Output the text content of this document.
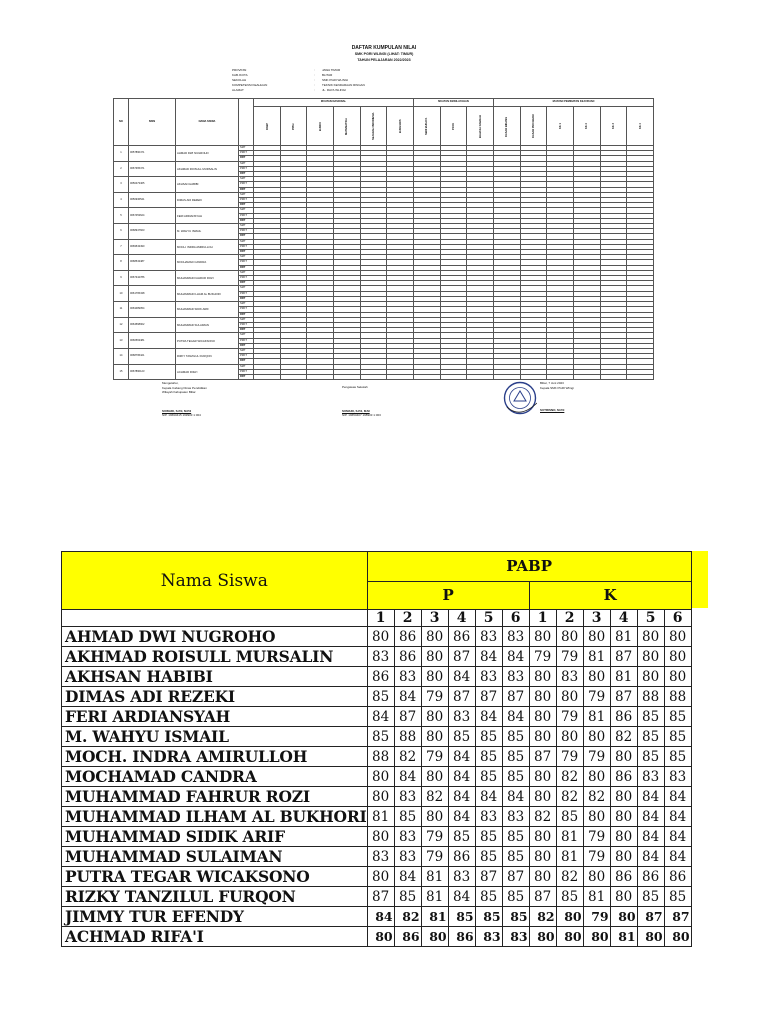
DAFTAR KUMPULAN NILAI
SMK PGRI WLINGI (LIHAT: TIMUR)
TAHUN PELAJARAN 2022/2023
PROVINSI	:	JAWA TIMUR
KAB./KOTA	:	BLITAR
SEKOLAH	:	SMK PGRI WLINGI
KOMPETENSI KEAHLIAN	:	TEKNIK KENDARAAN RINGAN
ALAMAT	:	JL. RAYA WLINGI
NO	NISN	NAMA SISWA		MUATAN NASIONAL						MUATAN KEWILAYAHAN			MUATAN PEMINATAN KEJURUAN					
				PABP	PPKn	B.INDO	MATEMATIKA	SEJARAH INDONESIA	B.INGGRIS	SENI BUDAYA	PJOK	BAHASA DAERAH	DASAR BIDANG	DASAR PROGRAM	KK 1	KK 2	KK 3	KK 4
1	0057890471	AHMAD DWI NUGROHO	SMT															
			PRKT															
			RRT															
2	0067365471	AKHMAD ROISULL MURSALIN	SMT															
			PRKT															
			RRT															
3	0050473465	AKHSAN HABIBI	SMT															
			PRKT															
			RRT															
4	0050936541	DIMAS ADI REZEKI	SMT															
			PRKT															
			RRT															
5	0067453624	FERI ARDIANSYAH	SMT															
			PRKT															
			RRT															
6	0068947663	M. WAHYU ISMAIL	SMT															
			PRKT															
			RRT															
7	0069543490	MOCH. INDRA AMIRULLOH	SMT															
			PRKT															
			RRT															
8	0068543487	MOCHAMAD CANDRA	SMT															
			PRKT															
			RRT															
9	0067342786	MUHAMMAD FAHRUR ROZI	SMT															
			PRKT															
			RRT															
10	0061765438	MUHAMMAD ILHAM AL BUKHORI	SMT															
			PRKT															
			RRT															
11	0063489054	MUHAMMAD SIDIK ARIF	SMT															
			PRKT															
			RRT															
12	0064568902	MUHAMMAD SULAIMAN	SMT															
			PRKT															
			RRT															
13	0060563481	PUTRA TEGAR WICAKSONO	SMT															
			PRKT															
			RRT															
14	0068795421	RIZKY TANZILUL FURQON	SMT															
			PRKT															
			RRT															
15	0067890123	ACHMAD RIFA'I	SMT															
			PRKT															
			RRT															
Mengetahui,
Kepala Cabang Dinas Pendidikan
Wilayah Kabupaten Blitar
SUWADI, S.Pd, M.Pd
NIP. 19690415 199903 1 004
Pengawas Sekolah
SUMADI, S.Pd, M.M
NIP. 19650407 198903 1 003
Blitar, 7 Juni 2023
Kepala SMK PGRI Wlingi
SUTRISNO, M.Pd
Nama Siswa	PABP											
	P						K					
	1	2	3	4	5	6	1	2	3	4	5	6
AHMAD DWI NUGROHO	80	86	80	86	83	83	80	80	80	81	80	80
AKHMAD ROISULL MURSALIN	83	86	80	87	84	84	79	79	81	87	80	80
AKHSAN HABIBI	86	83	80	84	83	83	80	83	80	81	80	80
DIMAS ADI REZEKI	85	84	79	87	87	87	80	80	79	87	88	88
FERI ARDIANSYAH	84	87	80	83	84	84	80	79	81	86	85	85
M. WAHYU ISMAIL	85	88	80	85	85	85	80	80	80	82	85	85
MOCH. INDRA AMIRULLOH	88	82	79	84	85	85	87	79	79	80	85	85
MOCHAMAD CANDRA	80	84	80	84	85	85	80	82	80	86	83	83
MUHAMMAD FAHRUR ROZI	80	83	82	84	84	84	80	82	82	80	84	84
MUHAMMAD ILHAM AL BUKHORI	81	85	80	84	83	83	82	85	80	80	84	84
MUHAMMAD SIDIK ARIF	80	83	79	85	85	85	80	81	79	80	84	84
MUHAMMAD SULAIMAN	83	83	79	86	85	85	80	81	79	80	84	84
PUTRA TEGAR WICAKSONO	80	84	81	83	87	87	80	82	80	86	86	86
RIZKY TANZILUL FURQON	87	85	81	84	85	85	87	85	81	80	85	85
JIMMY TUR EFENDY	84	82	81	85	85	85	82	80	79	80	87	87
ACHMAD RIFA'I	80	86	80	86	83	83	80	80	80	81	80	80
